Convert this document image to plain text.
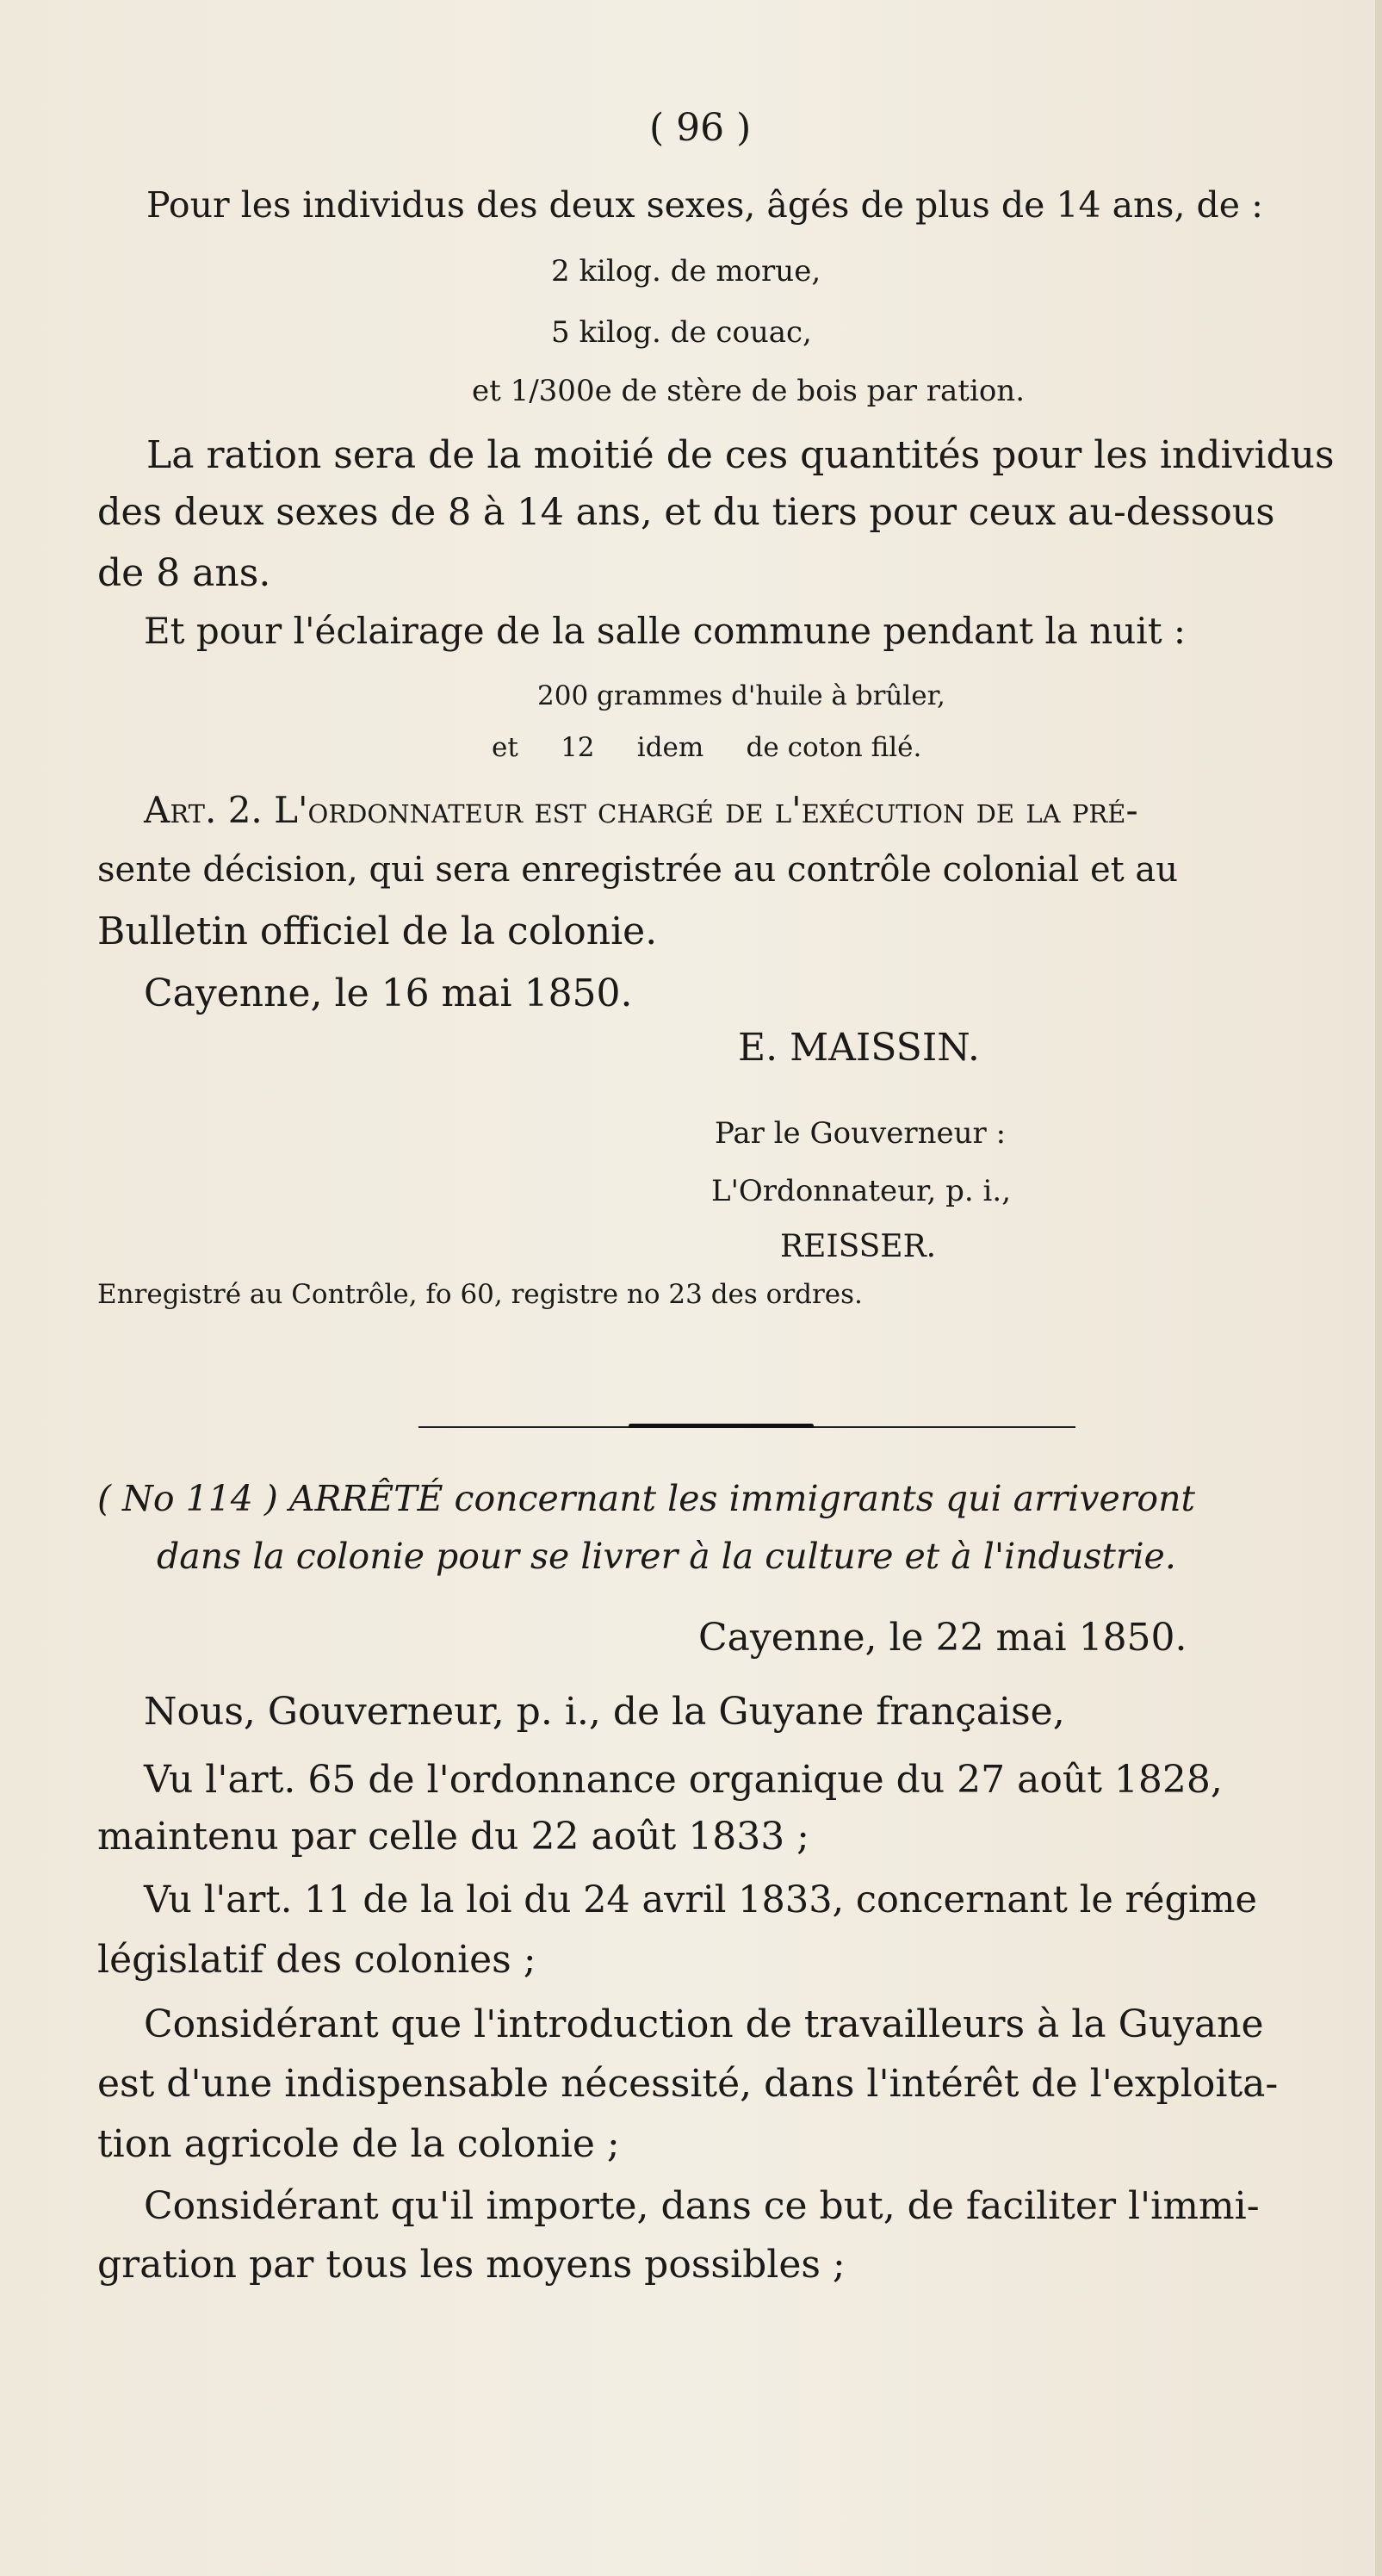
( 96 )

Pour les individus des deux sexes, âgés de plus de 14 ans, de :

2 kilog. de morue,

5 kilog. de couac,

et 1/300e de stère de bois par ration.

La ration sera de la moitié de ces quantités pour les individus

des deux sexes de 8 à 14 ans, et du tiers pour ceux au-dessous

de 8 ans.

Et pour l'éclairage de la salle commune pendant la nuit :

200 grammes d'huile à brûler,

et     12     idem     de coton filé.

Art. 2. L'ordonnateur est chargé de l'exécution de la pré-

sente décision, qui sera enregistrée au contrôle colonial et au

Bulletin officiel de la colonie.

Cayenne, le 16 mai 1850.

E. MAISSIN.

Par le Gouverneur :

L'Ordonnateur, p. i.,

REISSER.

Enregistré au Contrôle, fo 60, registre no 23 des ordres.

( No 114 ) ARRÊTÉ concernant les immigrants qui arriveront

dans la colonie pour se livrer à la culture et à l'industrie.

Cayenne, le 22 mai 1850.

Nous, Gouverneur, p. i., de la Guyane française,

Vu l'art. 65 de l'ordonnance organique du 27 août 1828,

maintenu par celle du 22 août 1833 ;

Vu l'art. 11 de la loi du 24 avril 1833, concernant le régime

législatif des colonies ;

Considérant que l'introduction de travailleurs à la Guyane

est d'une indispensable nécessité, dans l'intérêt de l'exploita-

tion agricole de la colonie ;

Considérant qu'il importe, dans ce but, de faciliter l'immi-

gration par tous les moyens possibles ;
